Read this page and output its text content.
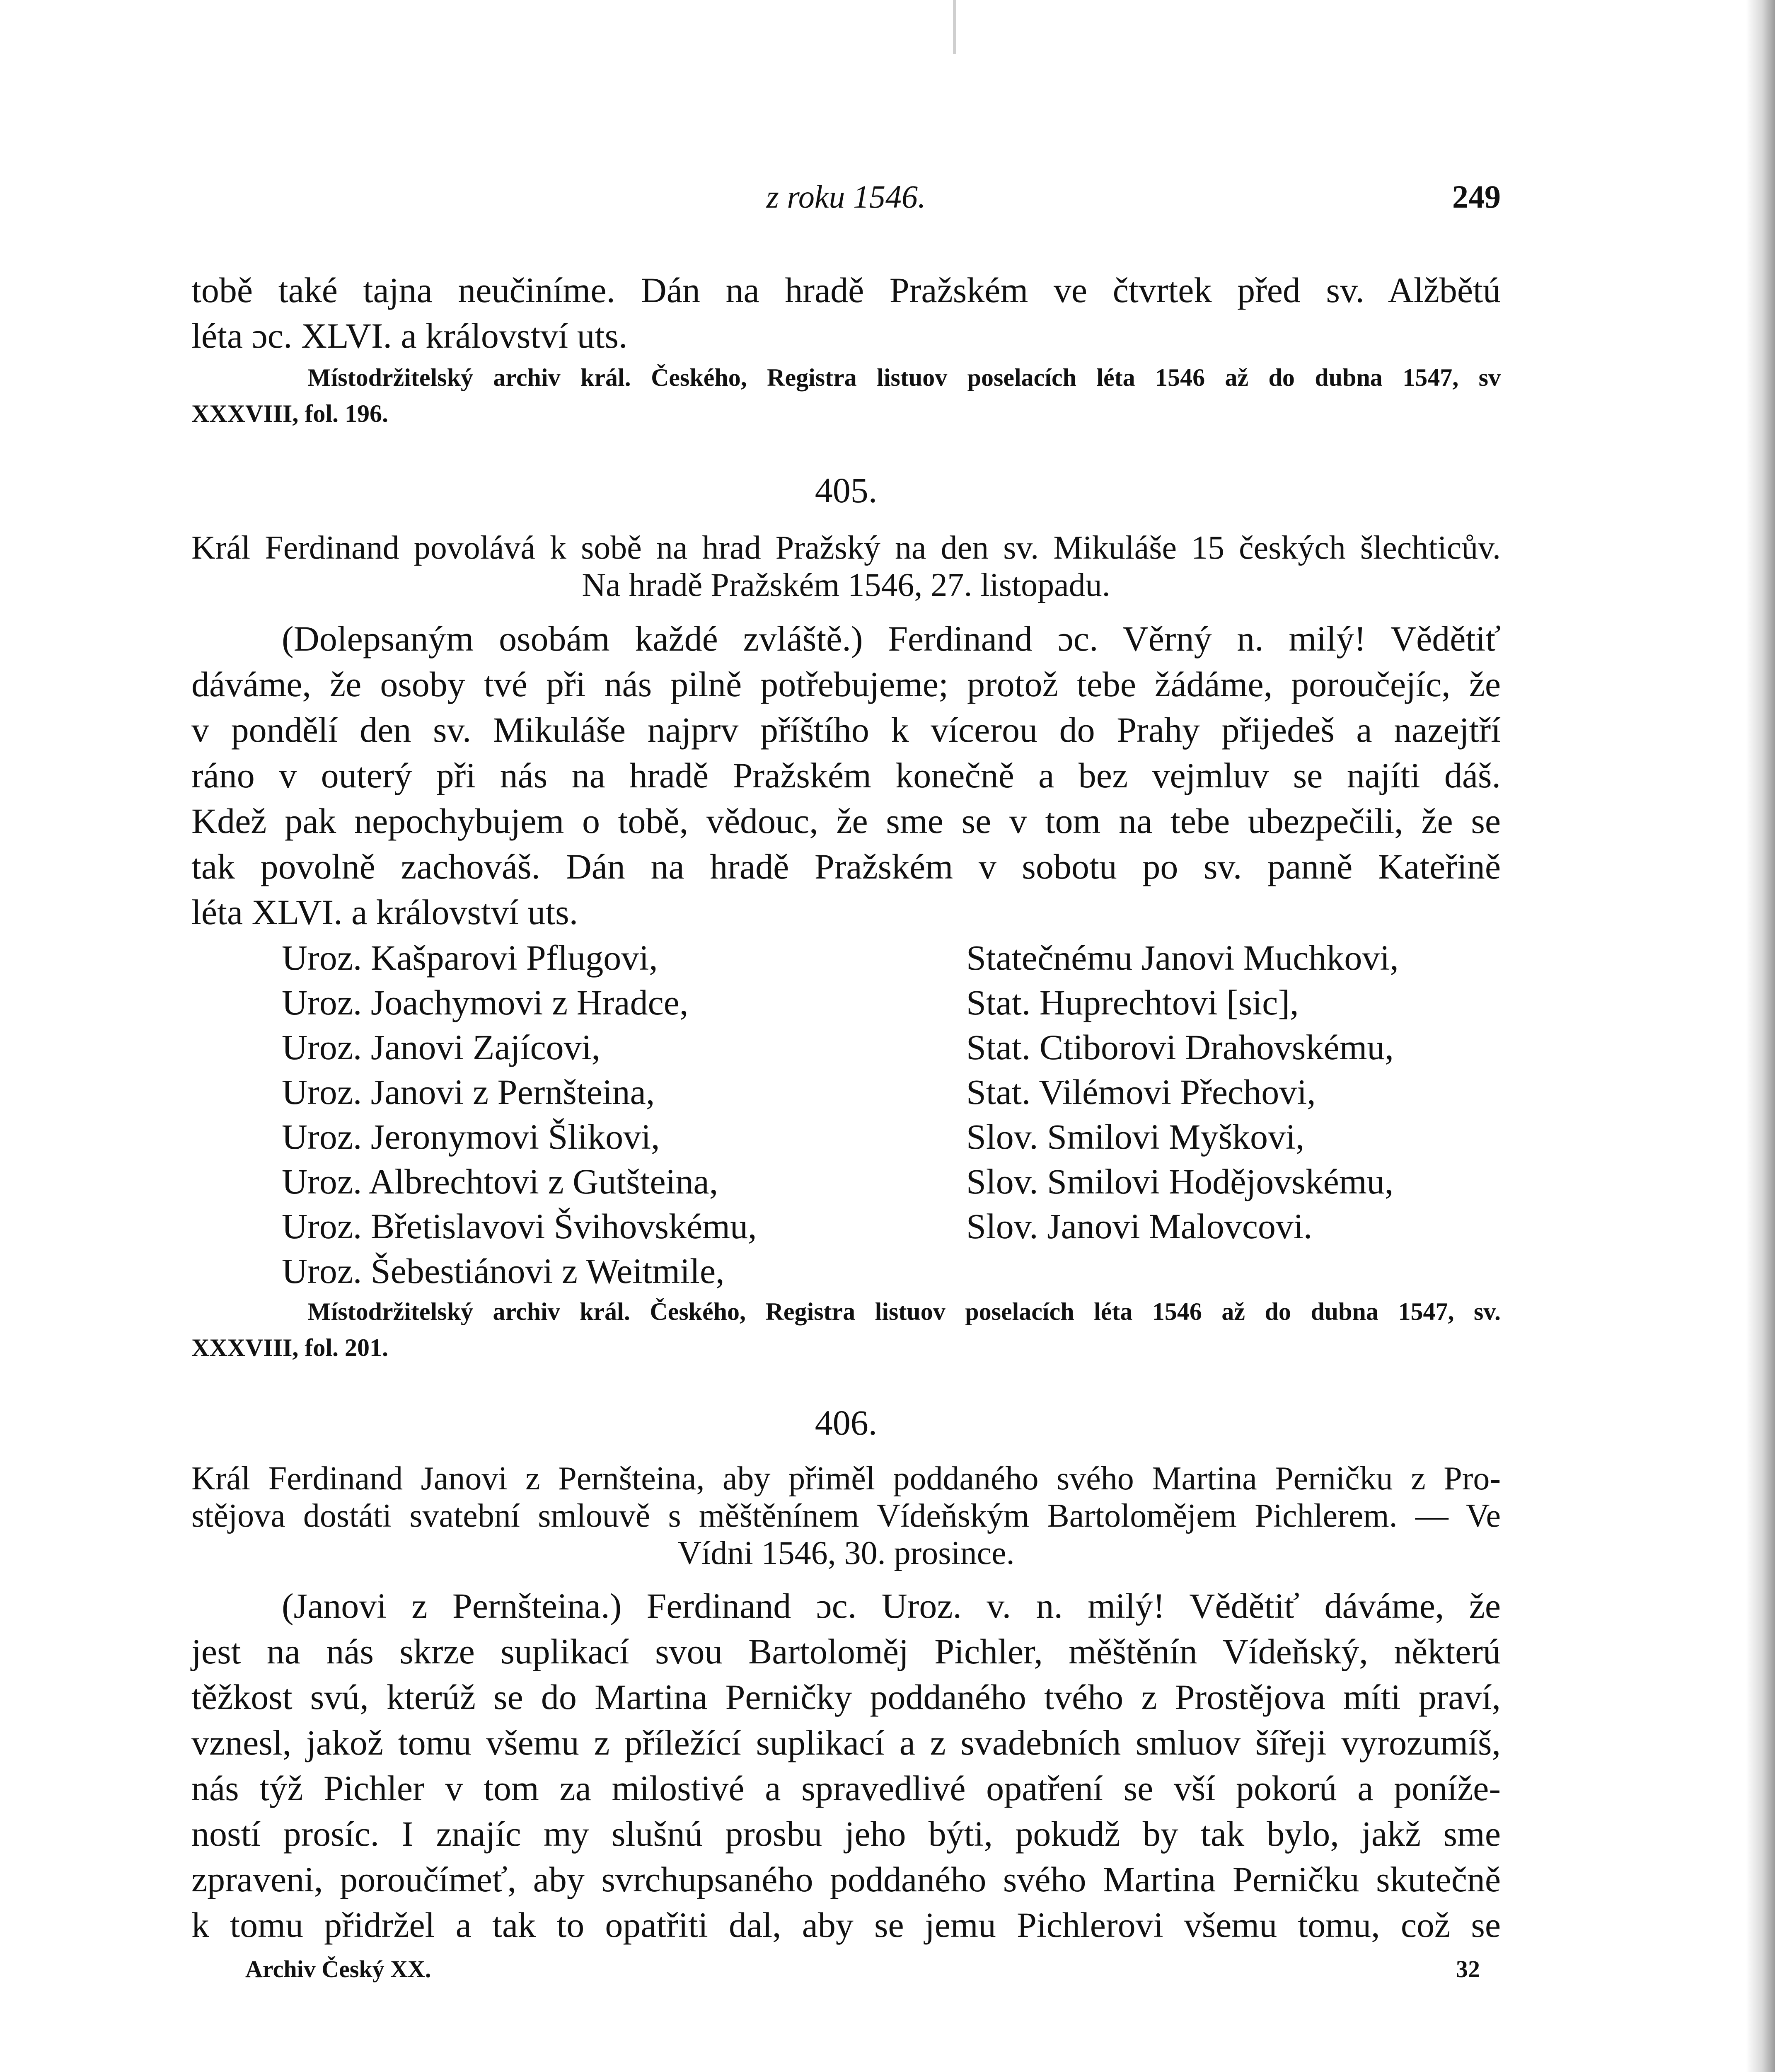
z roku 1546.	249
tobě také tajna neučiníme. Dán na hradě Pražském ve čtvrtek před sv. Alžbětú
léta ɔc. XLVI. a království uts.
Místodržitelský archiv král. Českého, Registra listuov poselacích léta 1546 až do dubna 1547, sv
XXXVIII, fol. 196.
405.
Král Ferdinand povolává k sobě na hrad Pražský na den sv. Mikuláše 15 českých šlechticův.
Na hradě Pražském 1546, 27. listopadu.
(Dolepsaným osobám každé zvláště.) Ferdinand ɔc. Věrný n. milý! Vědětiť
dáváme, že osoby tvé při nás pilně potřebujeme; protož tebe žádáme, poroučejíc, že
v pondělí den sv. Mikuláše najprv příštího k vícerou do Prahy přijedeš a nazejtří
ráno v outerý při nás na hradě Pražském konečně a bez vejmluv se najíti dáš.
Kdež pak nepochybujem o tobě, vědouc, že sme se v tom na tebe ubezpečili, že se
tak povolně zachováš. Dán na hradě Pražském v sobotu po sv. panně Kateřině
léta XLVI. a království uts.
Uroz. Kašparovi Pflugovi,
Uroz. Joachymovi z Hradce,
Uroz. Janovi Zajícovi,
Uroz. Janovi z Pernšteina,
Uroz. Jeronymovi Šlikovi,
Uroz. Albrechtovi z Gutšteina,
Uroz. Břetislavovi Švihovskému,
Uroz. Šebestiánovi z Weitmile,
Statečnému Janovi Muchkovi,
Stat. Huprechtovi [sic],
Stat. Ctiborovi Drahovskému,
Stat. Vilémovi Přechovi,
Slov. Smilovi Myškovi,
Slov. Smilovi Hodějovskému,
Slov. Janovi Malovcovi.
Místodržitelský archiv král. Českého, Registra listuov poselacích léta 1546 až do dubna 1547, sv.
XXXVIII, fol. 201.
406.
Král Ferdinand Janovi z Pernšteina, aby přiměl poddaného svého Martina Perničku z Pro-
stějova dostáti svatební smlouvě s měštěnínem Vídeňským Bartolomějem Pichlerem. — Ve
Vídni 1546, 30. prosince.
(Janovi z Pernšteina.) Ferdinand ɔc. Uroz. v. n. milý! Vědětiť dáváme, že
jest na nás skrze suplikací svou Bartoloměj Pichler, měštěnín Vídeňský, některú
těžkost svú, kterúž se do Martina Perničky poddaného tvého z Prostějova míti praví,
vznesl, jakož tomu všemu z příležící suplikací a z svadebních smluov šířeji vyrozumíš,
nás týž Pichler v tom za milostivé a spravedlivé opatření se vší pokorú a poníže-
ností prosíc. I znajíc my slušnú prosbu jeho býti, pokudž by tak bylo, jakž sme
zpraveni, poroučímeť, aby svrchupsaného poddaného svého Martina Perničku skutečně
k tomu přidržel a tak to opatřiti dal, aby se jemu Pichlerovi všemu tomu, což se
Archiv Český XX.	32
